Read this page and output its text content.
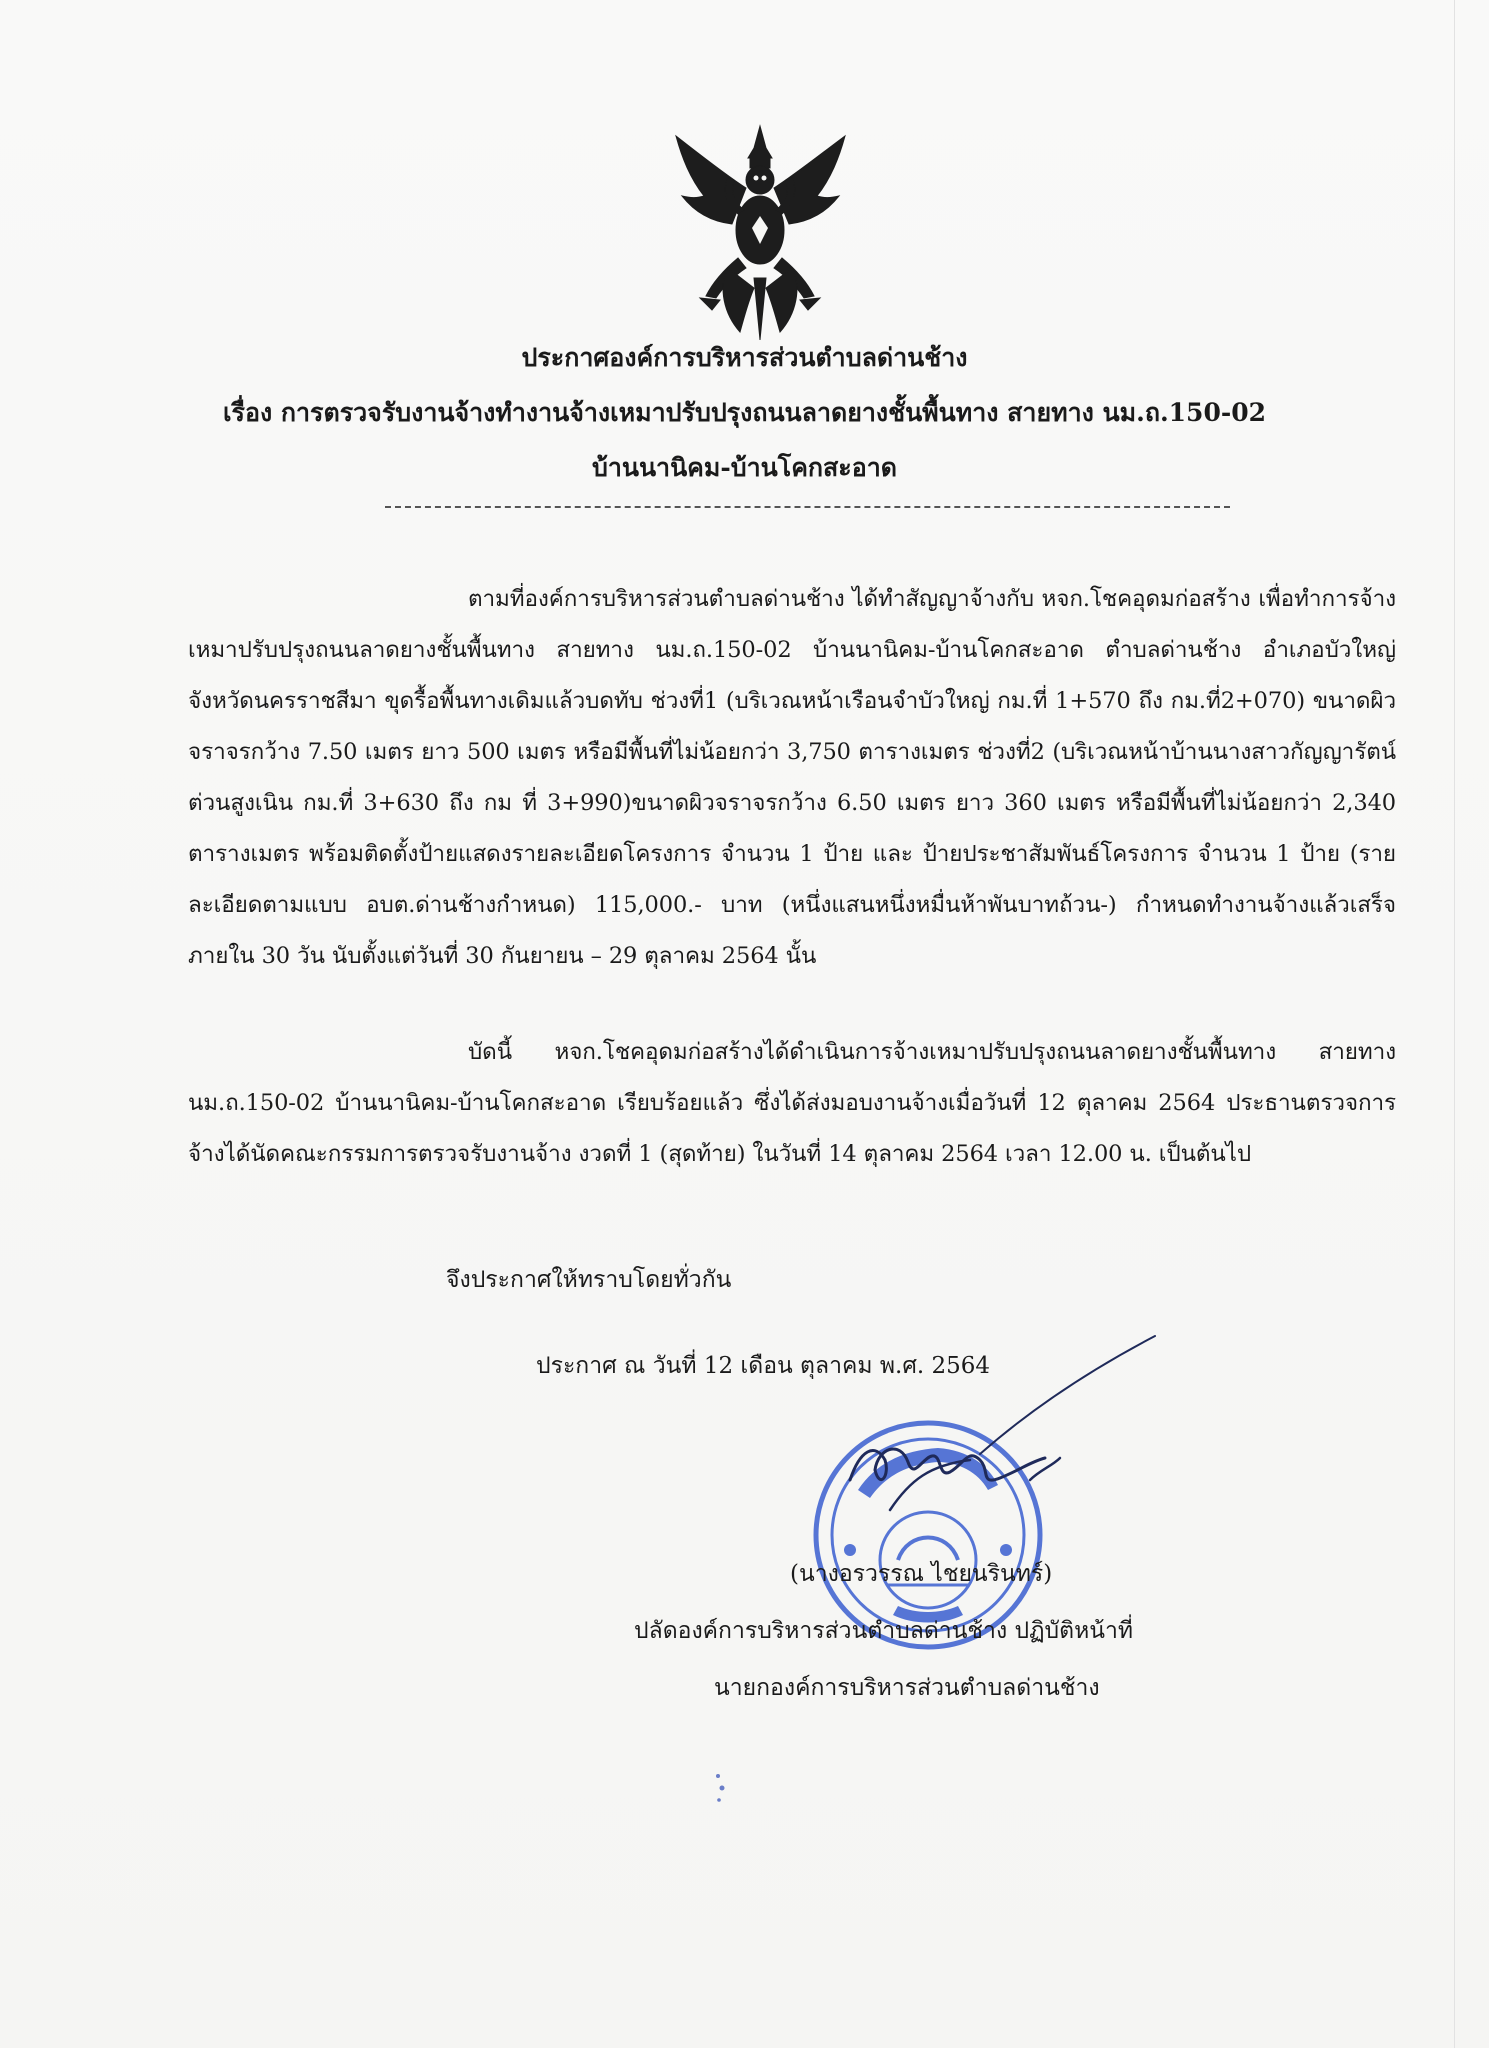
ประกาศองค์การบริหารส่วนตำบลด่านช้าง
เรื่อง การตรวจรับงานจ้างทำงานจ้างเหมาปรับปรุงถนนลาดยางชั้นพื้นทาง สายทาง นม.ถ.150-02
บ้านนานิคม-บ้านโคกสะอาด
ตามที่องค์การบริหารส่วนตำบลด่านช้าง ได้ทำสัญญาจ้างกับ หจก.โชคอุดมก่อสร้าง เพื่อทำการจ้างเหมาปรับปรุงถนนลาดยางชั้นพื้นทาง สายทาง นม.ถ.150-02 บ้านนานิคม-บ้านโคกสะอาด ตำบลด่านช้าง อำเภอบัวใหญ่ จังหวัดนครราชสีมา ขุดรื้อพื้นทางเดิมแล้วบดทับ ช่วงที่1 (บริเวณหน้าเรือนจำบัวใหญ่ กม.ที่ 1+570 ถึง กม.ที่2+070) ขนาดผิวจราจรกว้าง 7.50 เมตร ยาว 500 เมตร หรือมีพื้นที่ไม่น้อยกว่า 3,750 ตารางเมตร ช่วงที่2 (บริเวณหน้าบ้านนางสาวกัญญารัตน์ ต่วนสูงเนิน กม.ที่ 3+630 ถึง กม ที่ 3+990)ขนาดผิวจราจรกว้าง 6.50 เมตร ยาว 360 เมตร หรือมีพื้นที่ไม่น้อยกว่า 2,340 ตารางเมตร พร้อมติดตั้งป้ายแสดงรายละเอียดโครงการ จำนวน 1 ป้าย และ ป้ายประชาสัมพันธ์โครงการ จำนวน 1 ป้าย (รายละเอียดตามแบบ อบต.ด่านช้างกำหนด) 115,000.- บาท (หนึ่งแสนหนึ่งหมื่นห้าพันบาทถ้วน-) กำหนดทำงานจ้างแล้วเสร็จ ภายใน 30 วัน นับตั้งแต่วันที่ 30 กันยายน – 29 ตุลาคม 2564 นั้น
บัดนี้ หจก.โชคอุดมก่อสร้างได้ดำเนินการจ้างเหมาปรับปรุงถนนลาดยางชั้นพื้นทาง สายทาง นม.ถ.150-02 บ้านนานิคม-บ้านโคกสะอาด เรียบร้อยแล้ว ซึ่งได้ส่งมอบงานจ้างเมื่อวันที่ 12 ตุลาคม 2564 ประธานตรวจการจ้างได้นัดคณะกรรมการตรวจรับงานจ้าง งวดที่ 1 (สุดท้าย) ในวันที่ 14 ตุลาคม 2564 เวลา 12.00 น. เป็นต้นไป
จึงประกาศให้ทราบโดยทั่วกัน
ประกาศ ณ วันที่ 12 เดือน ตุลาคม พ.ศ. 2564
(นางอรวรรณ ไชยนรินทร์)
ปลัดองค์การบริหารส่วนตำบลด่านช้าง ปฏิบัติหน้าที่
นายกองค์การบริหารส่วนตำบลด่านช้าง
